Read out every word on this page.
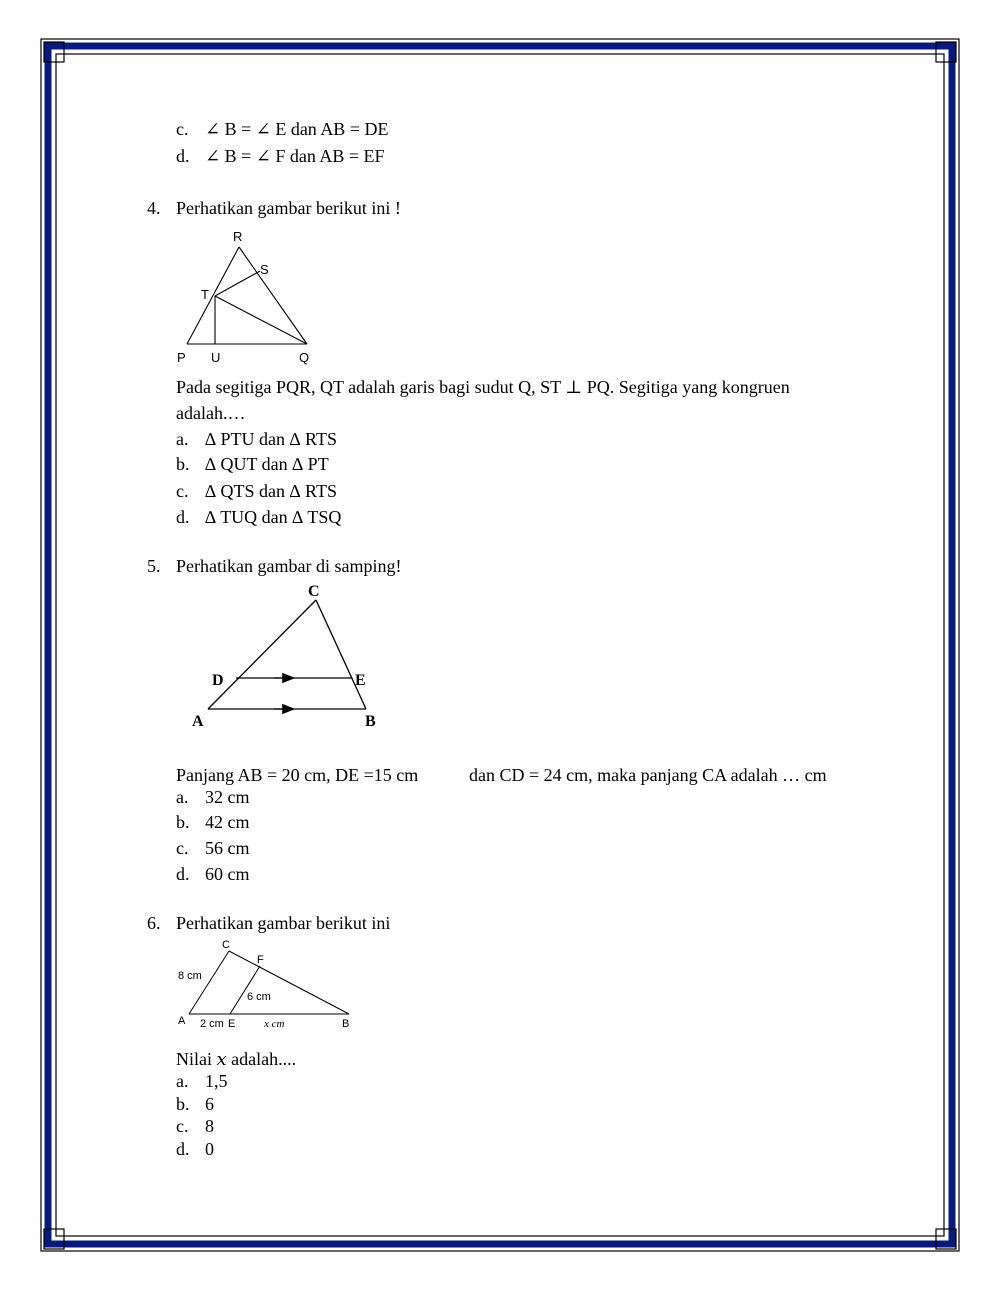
c. ∠ B = ∠ E dan AB = DE
d. ∠ B = ∠ F dan AB = EF
4. Perhatikan gambar berikut ini !
R
S
T
P U	Q
Pada segitiga PQR, QT adalah garis bagi sudut Q, ST ⊥ PQ. Segitiga yang kongruen
adalah.…
a. ∆ PTU dan ∆ RTS
b. ∆ QUT dan ∆ PT
c. ∆ QTS dan ∆ RTS
d. ∆ TUQ dan ∆ TSQ
5. Perhatikan gambar di samping!
C
D	E
A	B
Panjang AB = 20 cm, DE =15 cm	dan CD = 24 cm, maka panjang CA adalah … cm
a. 32 cm
b. 42 cm
c. 56 cm
d. 60 cm
6. Perhatikan gambar berikut ini
C
F
8 cm
6 cm
A 2 cm E	x cm	B
Nilai 𝑥 adalah....
a. 1,5
b. 6
c. 8
d. 0
